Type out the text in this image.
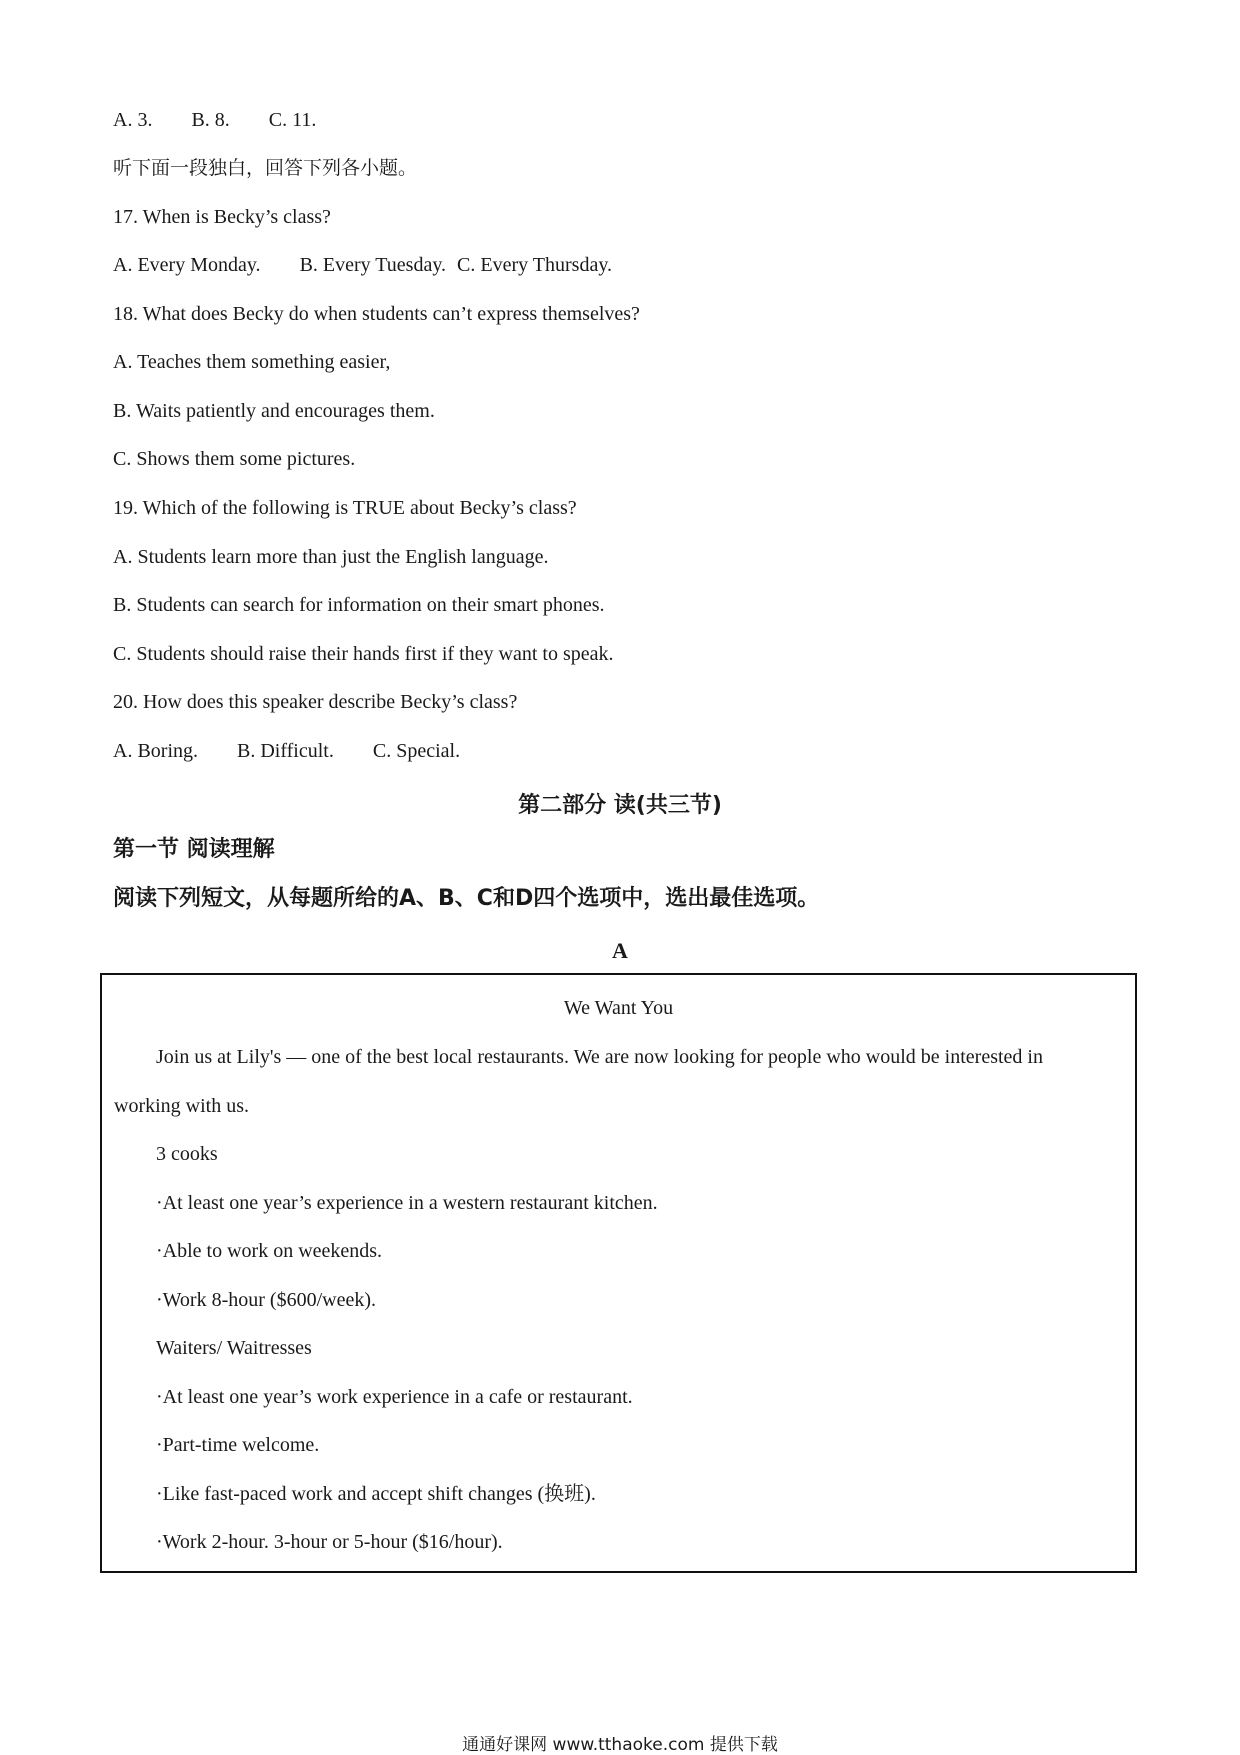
A. 3. B. 8. C. 11.
听下面一段独白，回答下列各小题。
17. When is Becky’s class?
A. Every Monday. B. Every Tuesday. C. Every Thursday.
18. What does Becky do when students can’t express themselves?
A. Teaches them something easier,
B. Waits patiently and encourages them.
C. Shows them some pictures.
19. Which of the following is TRUE about Becky’s class?
A. Students learn more than just the English language.
B. Students can search for information on their smart phones.
C. Students should raise their hands first if they want to speak.
20. How does this speaker describe Becky’s class?
A. Boring. B. Difficult. C. Special.
第二部分 读(共三节)
第一节 阅读理解
阅读下列短文，从每题所给的A、B、C和D四个选项中，选出最佳选项。
A
We Want You
Join us at Lily's — one of the best local restaurants. We are now looking for people who would be interested in
working with us.
3 cooks
·At least one year’s experience in a western restaurant kitchen.
·Able to work on weekends.
·Work 8-hour ($600/week).
Waiters/ Waitresses
·At least one year’s work experience in a cafe or restaurant.
·Part-time welcome.
·Like fast-paced work and accept shift changes (换班).
·Work 2-hour. 3-hour or 5-hour ($16/hour).
通通好课网 www.tthaoke.com 提供下载
